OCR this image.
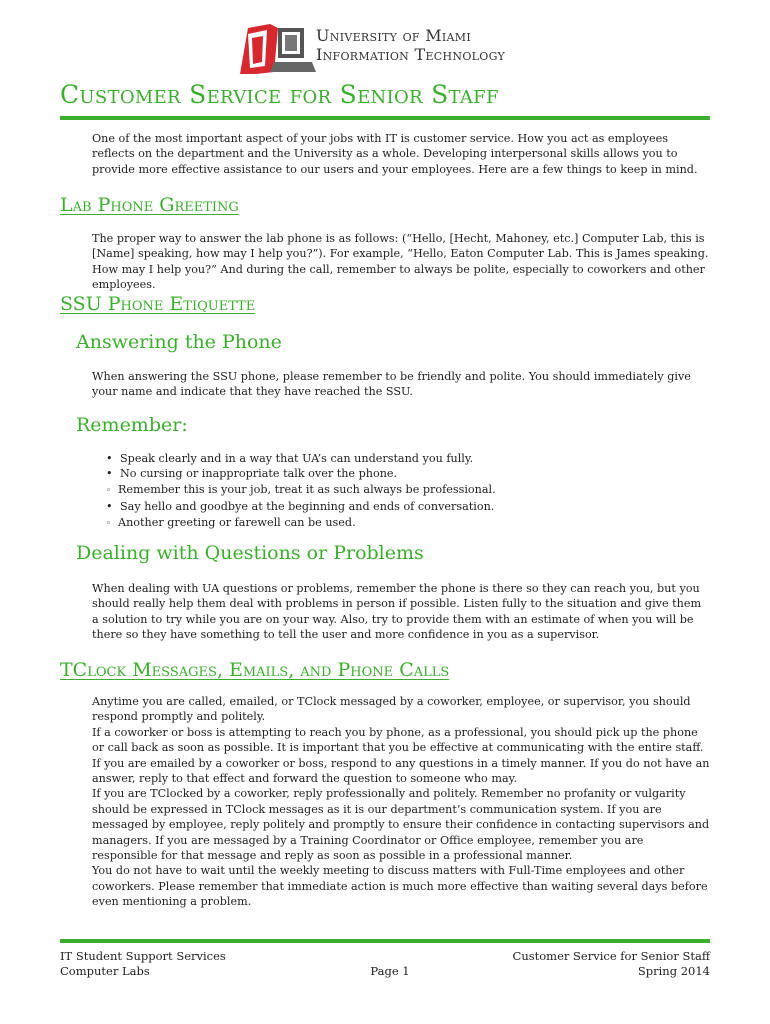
University of Miami
Information Technology
Customer Service for Senior Staff
One of the most important aspect of your jobs with IT is customer service. How you act as employees reflects on the department and the University as a whole. Developing interpersonal skills allows you to provide more effective assistance to our users and your employees. Here are a few things to keep in mind.
Lab Phone Greeting
The proper way to answer the lab phone is as follows: (“Hello, [Hecht, Mahoney, etc.] Computer Lab, this is [Name] speaking, how may I help you?”). For example, “Hello, Eaton Computer Lab. This is James speaking. How may I help you?” And during the call, remember to always be polite, especially to coworkers and other employees.
SSU Phone Etiquette
Answering the Phone
When answering the SSU phone, please remember to be friendly and polite. You should immediately give your name and indicate that they have reached the SSU.
Remember:
• Speak clearly and in a way that UA’s can understand you fully.
• No cursing or inappropriate talk over the phone.
◦ Remember this is your job, treat it as such always be professional.
• Say hello and goodbye at the beginning and ends of conversation.
◦ Another greeting or farewell can be used.
Dealing with Questions or Problems
When dealing with UA questions or problems, remember the phone is there so they can reach you, but you should really help them deal with problems in person if possible. Listen fully to the situation and give them a solution to try while you are on your way. Also, try to provide them with an estimate of when you will be there so they have something to tell the user and more confidence in you as a supervisor.
TClock Messages, Emails, and Phone Calls
Anytime you are called, emailed, or TClock messaged by a coworker, employee, or supervisor, you should respond promptly and politely.
If a coworker or boss is attempting to reach you by phone, as a professional, you should pick up the phone or call back as soon as possible. It is important that you be effective at communicating with the entire staff.
If you are emailed by a coworker or boss, respond to any questions in a timely manner. If you do not have an answer, reply to that effect and forward the question to someone who may.
If you are TClocked by a coworker, reply professionally and politely. Remember no profanity or vulgarity should be expressed in TClock messages as it is our department’s communication system. If you are messaged by employee, reply politely and promptly to ensure their confidence in contacting supervisors and managers. If you are messaged by a Training Coordinator or Office employee, remember you are responsible for that message and reply as soon as possible in a professional manner.
You do not have to wait until the weekly meeting to discuss matters with Full-Time employees and other coworkers. Please remember that immediate action is much more effective than waiting several days before even mentioning a problem.
IT Student Support Services
Computer Labs	Page 1
Customer Service for Senior Staff
Spring 2014
